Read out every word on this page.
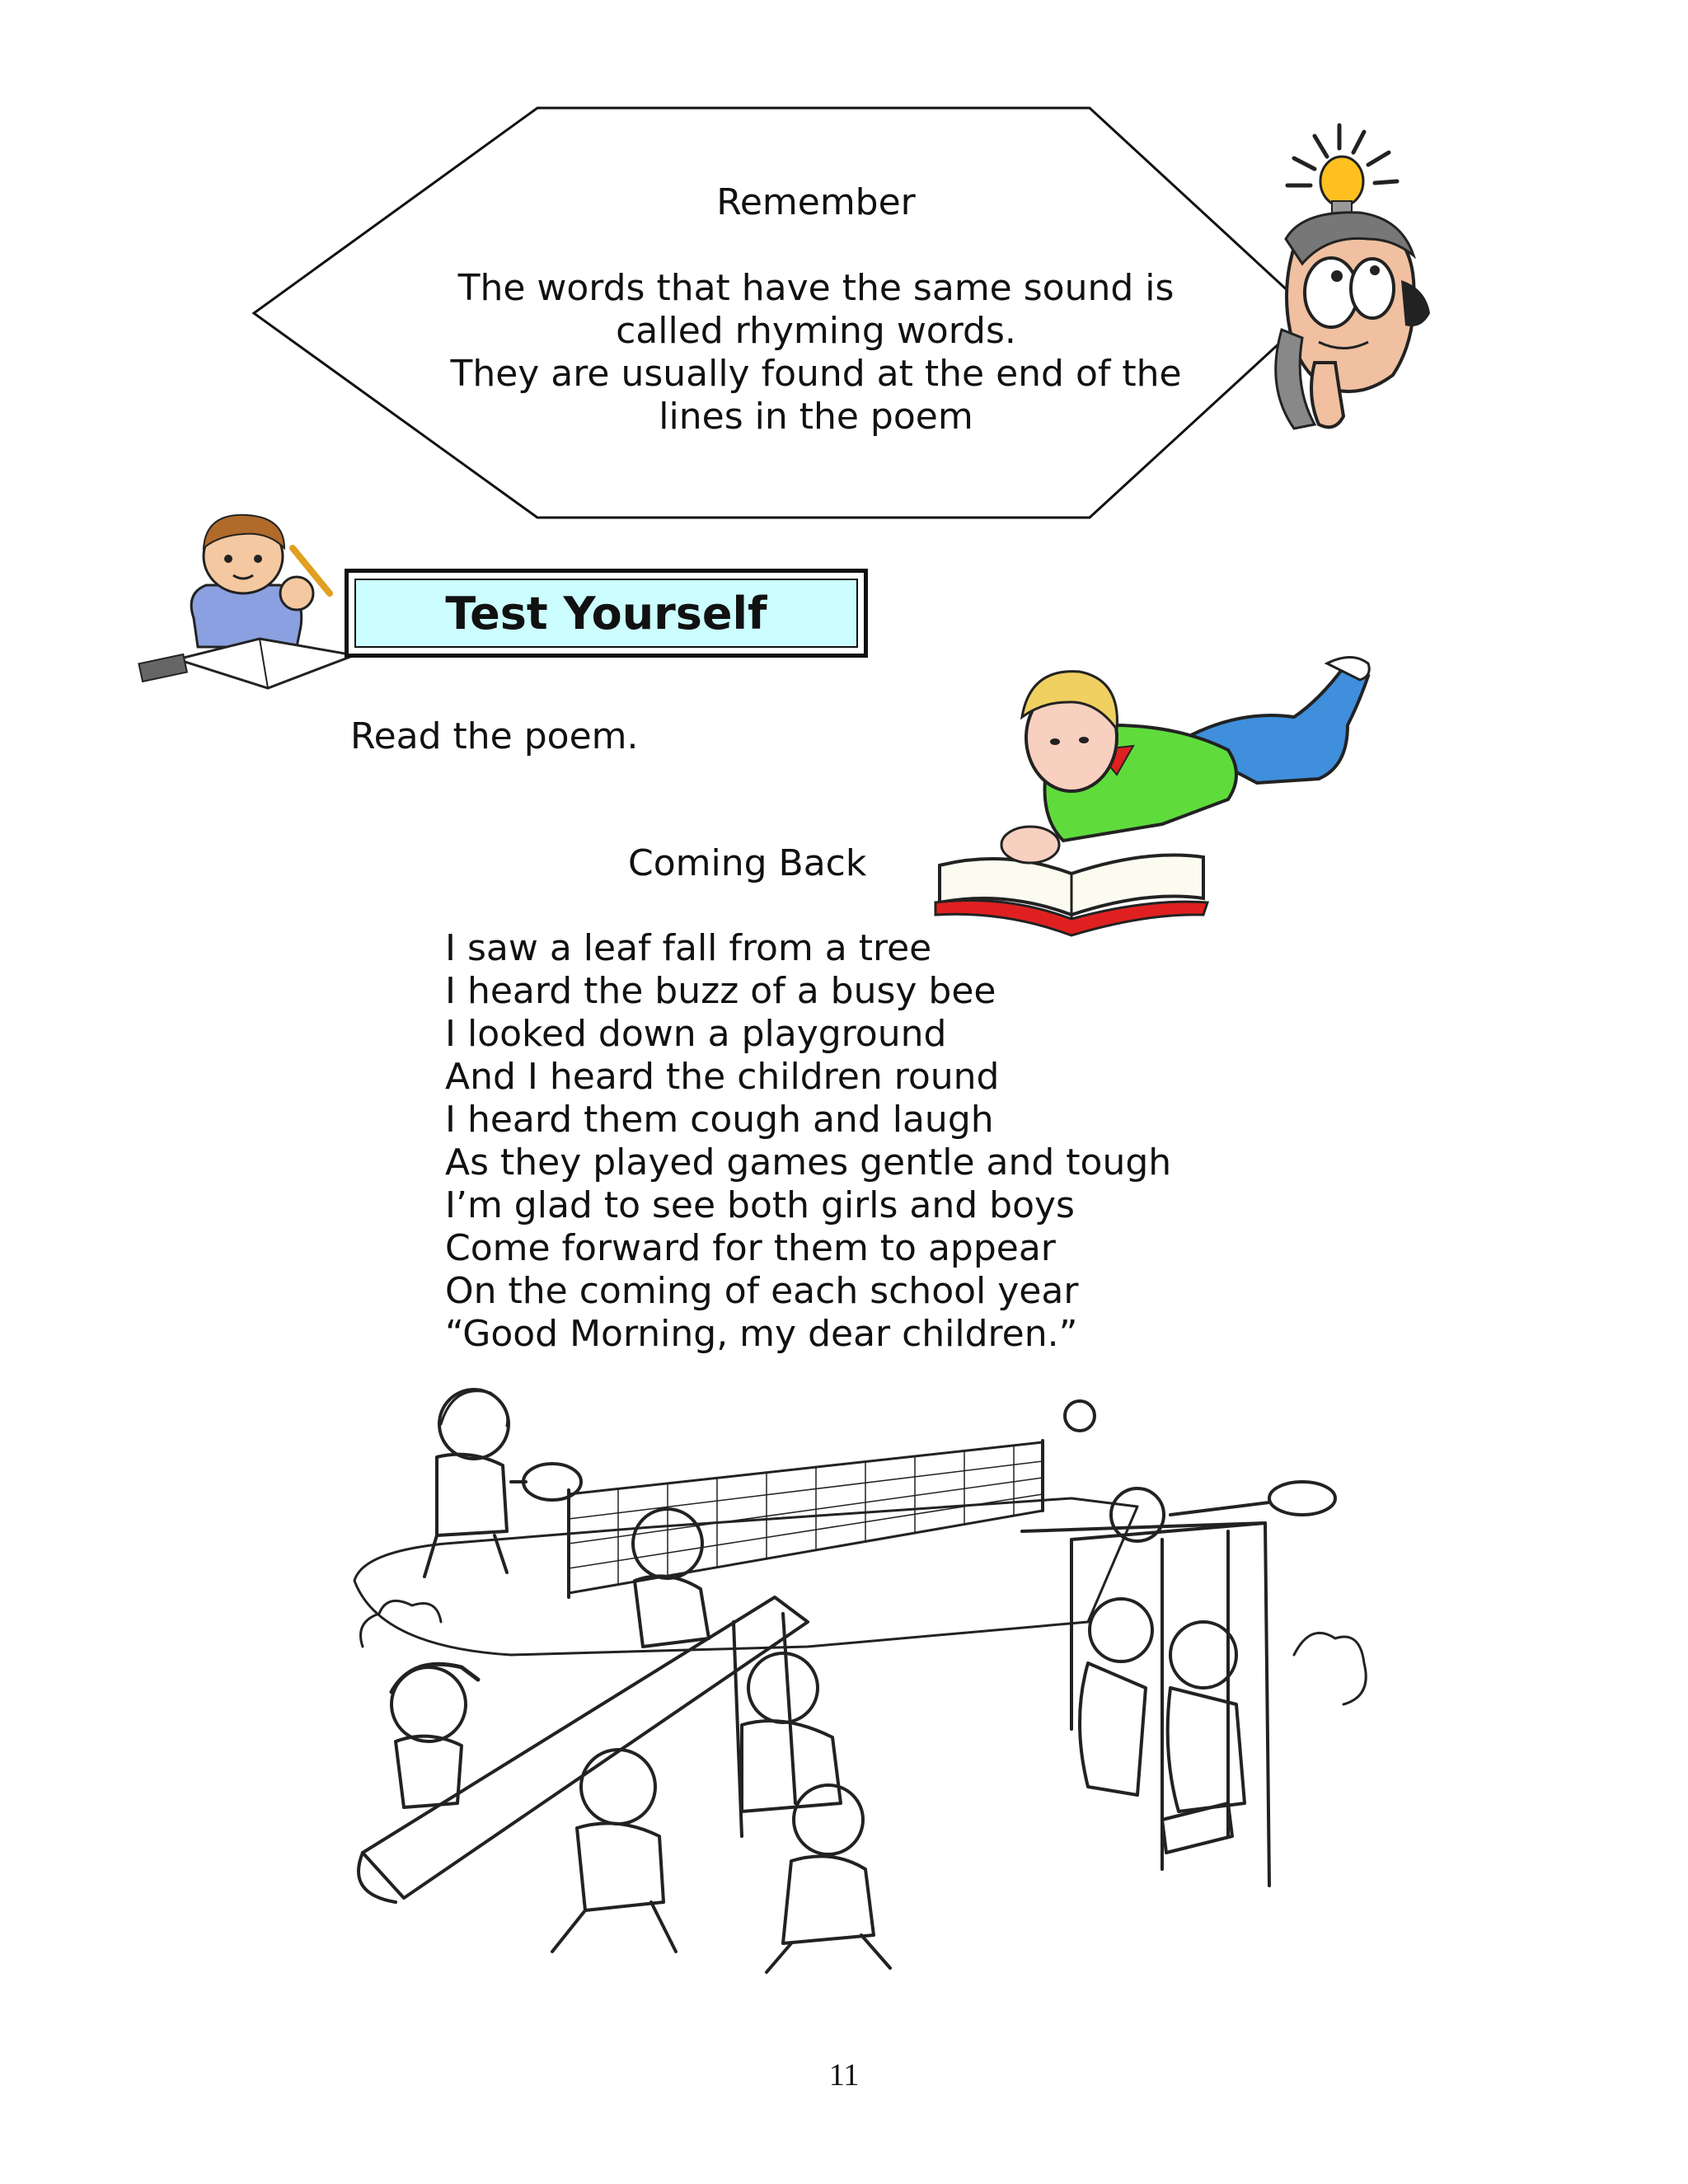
Remember
The words that have the same sound is
called rhyming words.
They are usually found at the end of the
lines in the poem
Test Yourself
Read the poem.
Coming Back
I saw a leaf fall from a tree
I heard the buzz of a busy bee
I looked down a playground
And I heard the children round
I heard them cough and laugh
As they played games gentle and tough
I’m glad to see both girls and boys
Come forward for them to appear
On the coming of each school year
“Good Morning, my dear children.”
11
